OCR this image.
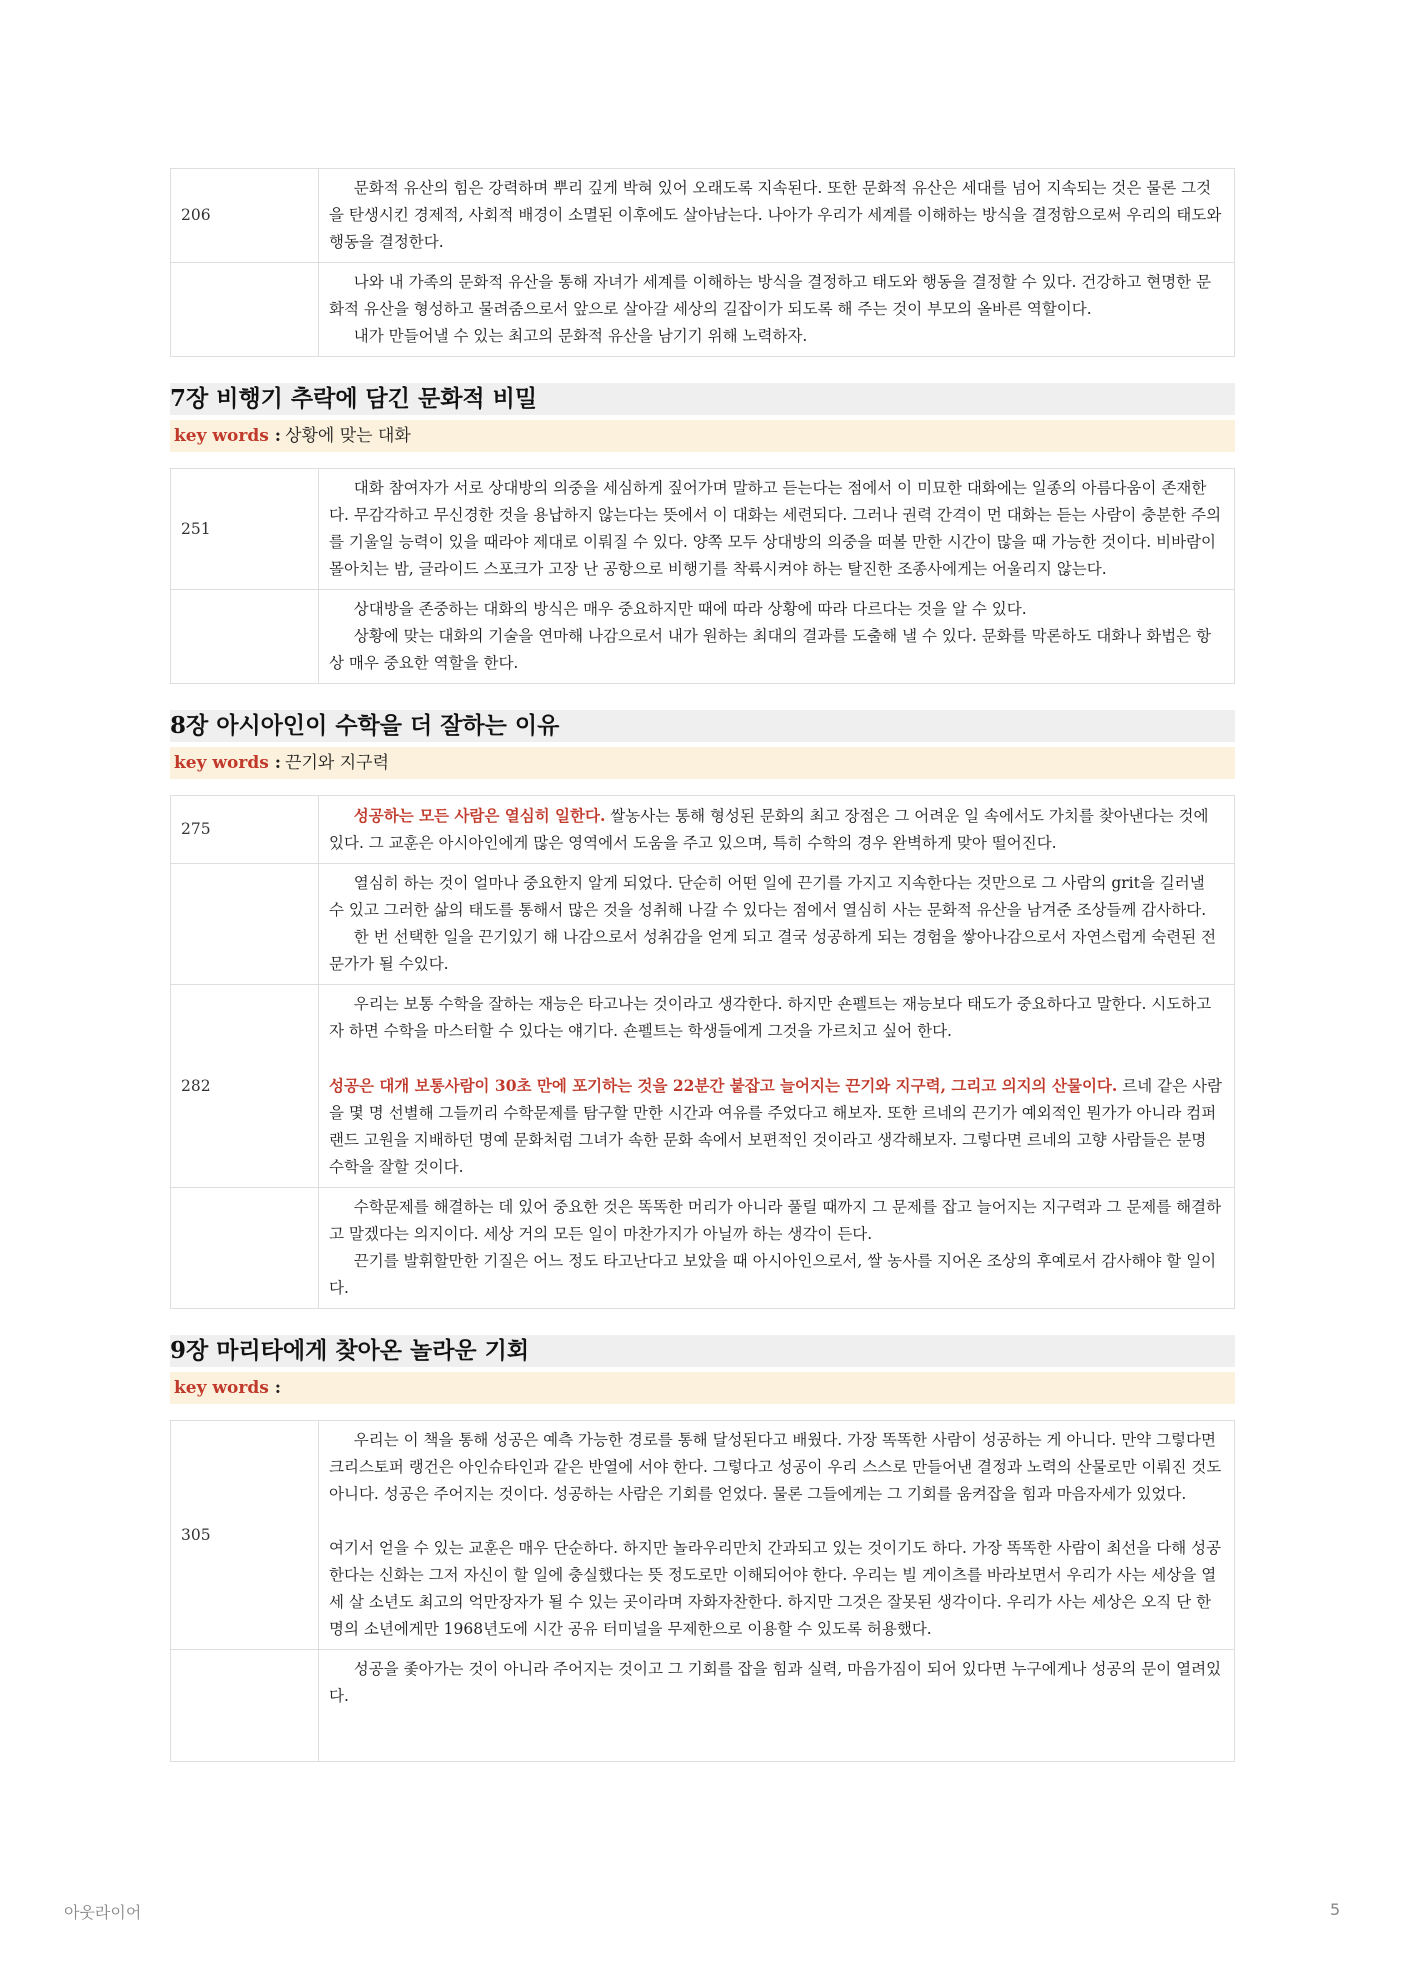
206	문화적 유산의 힘은 강력하며 뿌리 깊게 박혀 있어 오래도록 지속된다. 또한 문화적 유산은 세대를 넘어 지속되는 것은 물론 그것을 탄생시킨 경제적, 사회적 배경이 소멸된 이후에도 살아남는다. 나아가 우리가 세계를 이해하는 방식을 결정함으로써 우리의 태도와 행동을 결정한다.

	나와 내 가족의 문화적 유산을 통해 자녀가 세계를 이해하는 방식을 결정하고 태도와 행동을 결정할 수 있다. 건강하고 현명한 문화적 유산을 형성하고 물려줌으로서 앞으로 살아갈 세상의 길잡이가 되도록 해 주는 것이 부모의 올바른 역할이다.

내가 만들어낼 수 있는 최고의 문화적 유산을 남기기 위해 노력하자.

7장 비행기 추락에 담긴 문화적 비밀
key words : 상황에 맞는 대화
251	대화 참여자가 서로 상대방의 의중을 세심하게 짚어가며 말하고 듣는다는 점에서 이 미묘한 대화에는 일종의 아름다움이 존재한다. 무감각하고 무신경한 것을 용납하지 않는다는 뜻에서 이 대화는 세련되다. 그러나 권력 간격이 먼 대화는 듣는 사람이 충분한 주의를 기울일 능력이 있을 때라야 제대로 이뤄질 수 있다. 양쪽 모두 상대방의 의중을 떠볼 만한 시간이 많을 때 가능한 것이다. 비바람이 몰아치는 밤, 글라이드 스포크가 고장 난 공항으로 비행기를 착륙시켜야 하는 탈진한 조종사에게는 어울리지 않는다.

	상대방을 존중하는 대화의 방식은 매우 중요하지만 때에 따라 상황에 따라 다르다는 것을 알 수 있다.

상황에 맞는 대화의 기술을 연마해 나감으로서 내가 원하는 최대의 결과를 도출해 낼 수 있다. 문화를 막론하도 대화나 화법은 항상 매우 중요한 역할을 한다.

8장 아시아인이 수학을 더 잘하는 이유
key words : 끈기와 지구력
275	성공하는 모든 사람은 열심히 일한다. 쌀농사는 통해 형성된 문화의 최고 장점은 그 어려운 일 속에서도 가치를 찾아낸다는 것에 있다. 그 교훈은 아시아인에게 많은 영역에서 도움을 주고 있으며, 특히 수학의 경우 완벽하게 맞아 떨어진다.

	열심히 하는 것이 얼마나 중요한지 알게 되었다. 단순히 어떤 일에 끈기를 가지고 지속한다는 것만으로 그 사람의 grit을 길러낼 수 있고 그러한 삶의 태도를 통해서 많은 것을 성취해 나갈 수 있다는 점에서 열심히 사는 문화적 유산을 남겨준 조상들께 감사하다.

한 번 선택한 일을 끈기있기 해 나감으로서 성취감을 얻게 되고 결국 성공하게 되는 경험을 쌓아나감으로서 자연스럽게 숙련된 전문가가 될 수있다.

282	우리는 보통 수학을 잘하는 재능은 타고나는 것이라고 생각한다. 하지만 숀펠트는 재능보다 태도가 중요하다고 말한다. 시도하고자 하면 수학을 마스터할 수 있다는 얘기다. 숀펠트는 학생들에게 그것을 가르치고 싶어 한다.

성공은 대개 보통사람이 30초 만에 포기하는 것을 22분간 붙잡고 늘어지는 끈기와 지구력, 그리고 의지의 산물이다. 르네 같은 사람을 몇 명 선별해 그들끼리 수학문제를 탐구할 만한 시간과 여유를 주었다고 해보자. 또한 르네의 끈기가 예외적인 뭔가가 아니라 컴퍼랜드 고원을 지배하던 명예 문화처럼 그녀가 속한 문화 속에서 보편적인 것이라고 생각해보자. 그렇다면 르네의 고향 사람들은 분명 수학을 잘할 것이다.

	수학문제를 해결하는 데 있어 중요한 것은 똑똑한 머리가 아니라 풀릴 때까지 그 문제를 잡고 늘어지는 지구력과 그 문제를 해결하고 말겠다는 의지이다. 세상 거의 모든 일이 마찬가지가 아닐까 하는 생각이 든다.

끈기를 발휘할만한 기질은 어느 정도 타고난다고 보았을 때 아시아인으로서, 쌀 농사를 지어온 조상의 후예로서 감사해야 할 일이다.

9장 마리타에게 찾아온 놀라운 기회
key words :
305	우리는 이 책을 통해 성공은 예측 가능한 경로를 통해 달성된다고 배웠다. 가장 똑똑한 사람이 성공하는 게 아니다. 만약 그렇다면 크리스토퍼 랭건은 아인슈타인과 같은 반열에 서야 한다. 그렇다고 성공이 우리 스스로 만들어낸 결정과 노력의 산물로만 이뤄진 것도 아니다. 성공은 주어지는 것이다. 성공하는 사람은 기회를 얻었다. 물론 그들에게는 그 기회를 움켜잡을 힘과 마음자세가 있었다.

여기서 얻을 수 있는 교훈은 매우 단순하다. 하지만 놀라우리만치 간과되고 있는 것이기도 하다. 가장 똑똑한 사람이 최선을 다해 성공한다는 신화는 그저 자신이 할 일에 충실했다는 뜻 정도로만 이해되어야 한다. 우리는 빌 게이츠를 바라보면서 우리가 사는 세상을 열세 살 소년도 최고의 억만장자가 될 수 있는 곳이라며 자화자찬한다. 하지만 그것은 잘못된 생각이다. 우리가 사는 세상은 오직 단 한 명의 소년에게만 1968년도에 시간 공유 터미널을 무제한으로 이용할 수 있도록 허용했다.

	성공을 좇아가는 것이 아니라 주어지는 것이고 그 기회를 잡을 힘과 실력, 마음가짐이 되어 있다면 누구에게나 성공의 문이 열려있다.

아웃라이어	5
